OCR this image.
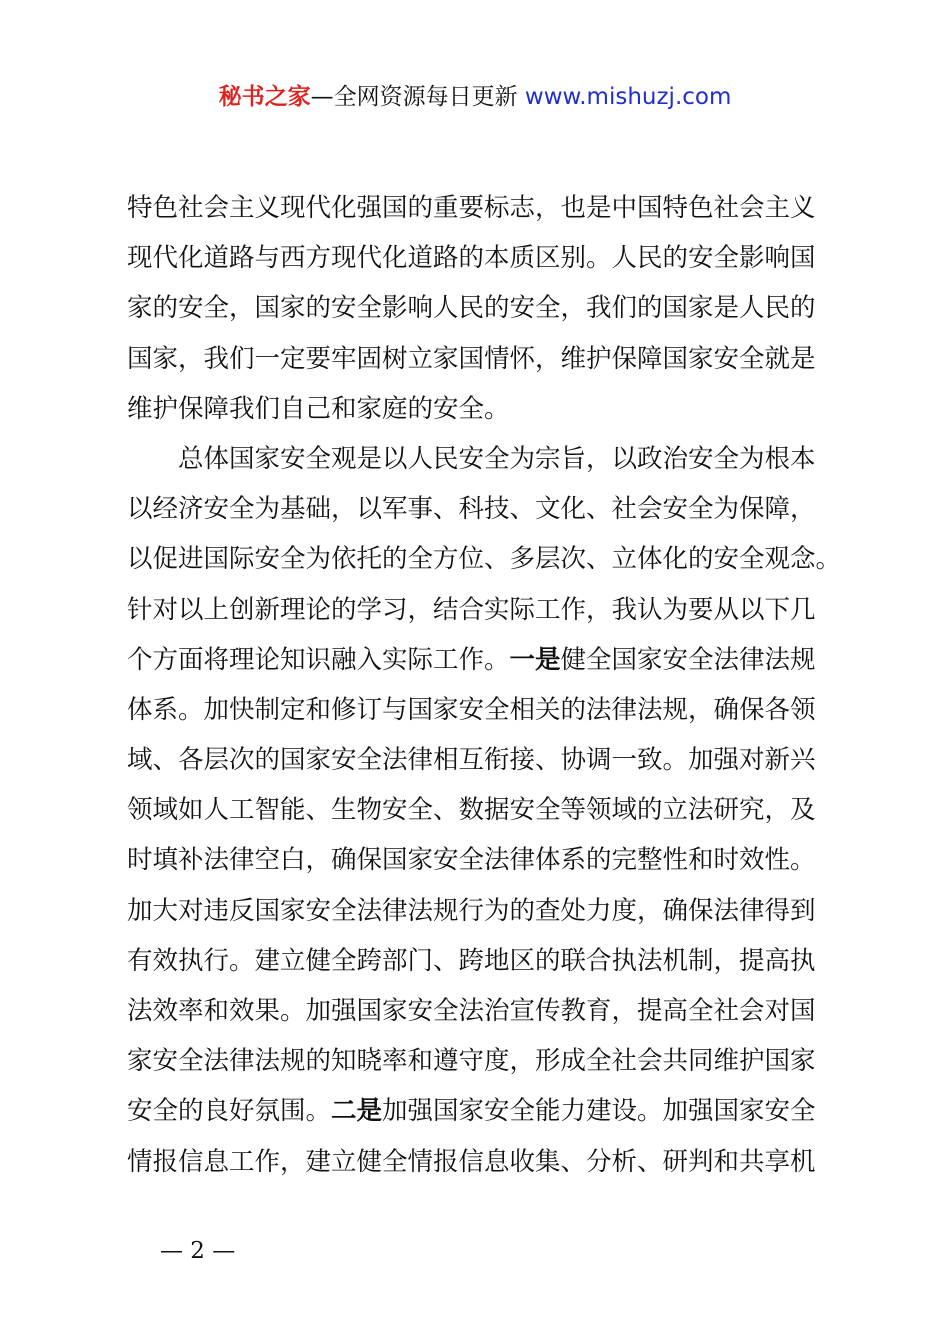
秘书之家—全网资源每日更新 www.mishuzj.com
特色社会主义现代化强国的重要标志，也是中国特色社会主义
现代化道路与西方现代化道路的本质区别。人民的安全影响国
家的安全，国家的安全影响人民的安全，我们的国家是人民的
国家，我们一定要牢固树立家国情怀，维护保障国家安全就是
维护保障我们自己和家庭的安全。
总体国家安全观是以人民安全为宗旨，以政治安全为根本
以经济安全为基础，以军事、科技、文化、社会安全为保障，
以促进国际安全为依托的全方位、多层次、立体化的安全观念。
针对以上创新理论的学习，结合实际工作，我认为要从以下几
个方面将理论知识融入实际工作。一是健全国家安全法律法规
体系。加快制定和修订与国家安全相关的法律法规，确保各领
域、各层次的国家安全法律相互衔接、协调一致。加强对新兴
领域如人工智能、生物安全、数据安全等领域的立法研究，及
时填补法律空白，确保国家安全法律体系的完整性和时效性。
加大对违反国家安全法律法规行为的查处力度，确保法律得到
有效执行。建立健全跨部门、跨地区的联合执法机制，提高执
法效率和效果。加强国家安全法治宣传教育，提高全社会对国
家安全法律法规的知晓率和遵守度，形成全社会共同维护国家
安全的良好氛围。二是加强国家安全能力建设。加强国家安全
情报信息工作，建立健全情报信息收集、分析、研判和共享机
— 2 —
